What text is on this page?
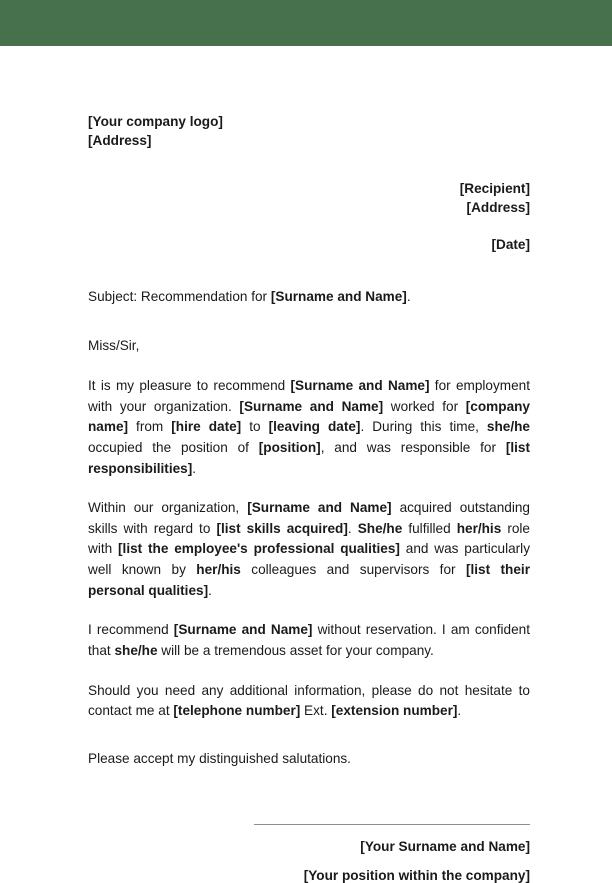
[Your company logo]
[Address]
[Recipient]
[Address]
[Date]
Subject: Recommendation for [Surname and Name].
Miss/Sir,
It is my pleasure to recommend [Surname and Name] for employment with your organization. [Surname and Name] worked for [company name] from [hire date] to [leaving date]. During this time, she/he occupied the position of [position], and was responsible for [list responsibilities].
Within our organization, [Surname and Name] acquired outstanding skills with regard to [list skills acquired]. She/he fulfilled her/his role with [list the employee's professional qualities] and was particularly well known by her/his colleagues and supervisors for [list their personal qualities].
I recommend [Surname and Name] without reservation. I am confident that she/he will be a tremendous asset for your company.
Should you need any additional information, please do not hesitate to contact me at [telephone number] Ext. [extension number].
Please accept my distinguished salutations.
[Your Surname and Name]
[Your position within the company]
